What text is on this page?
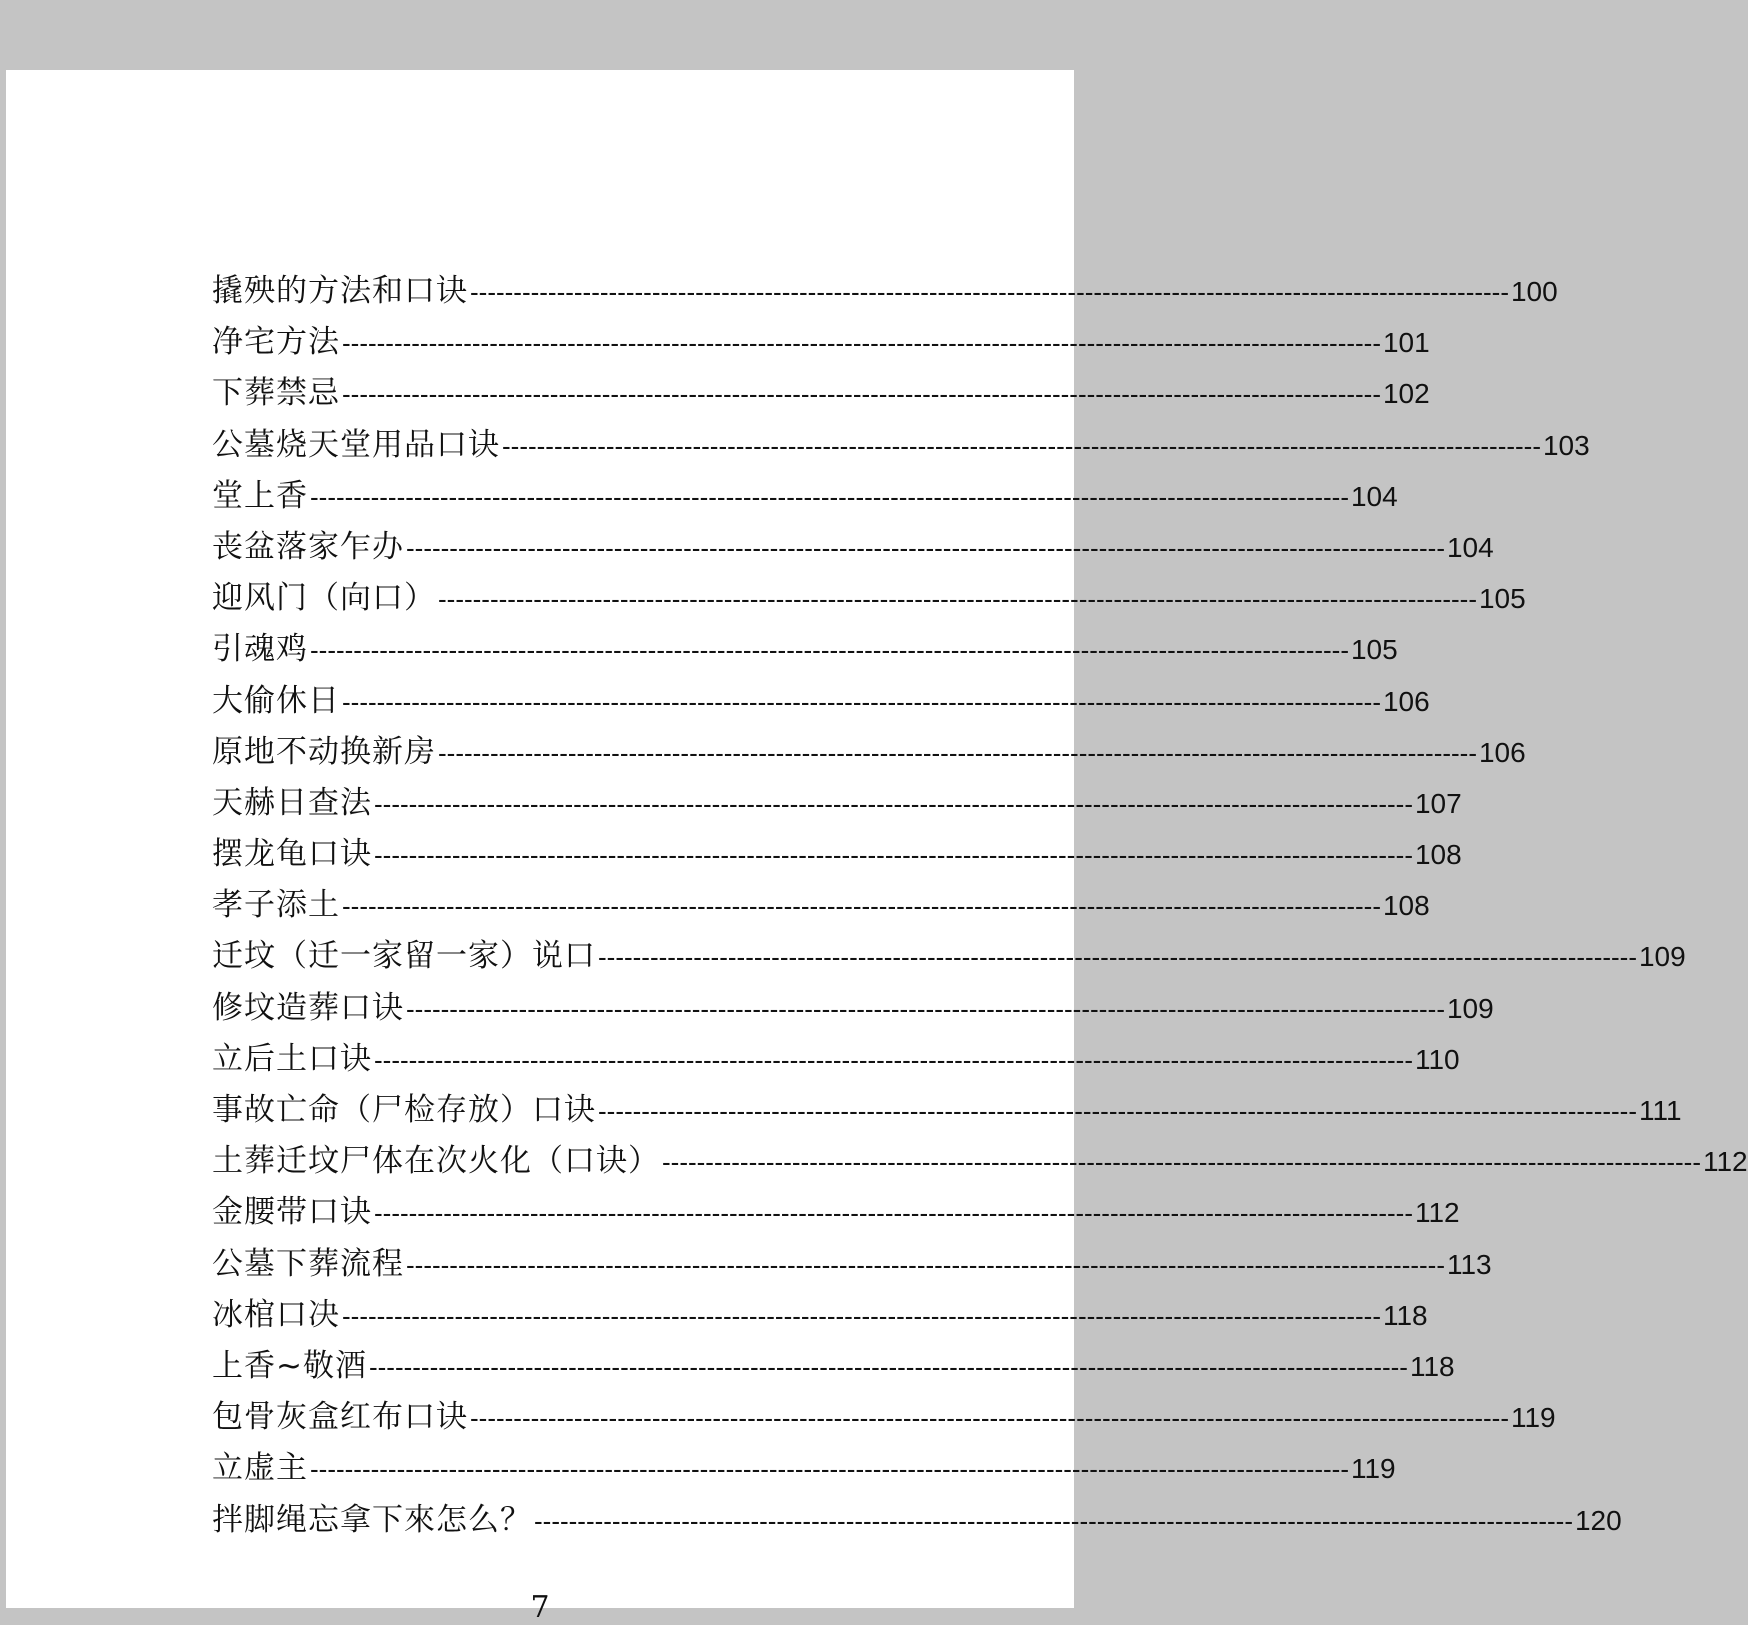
撬殃的方法和口诀 ------------------------------------------------------------------------------------------------------------------------ 100
净宅方法 ------------------------------------------------------------------------------------------------------------------------ 101
下葬禁忌 ------------------------------------------------------------------------------------------------------------------------ 102
公墓烧天堂用品口诀 ------------------------------------------------------------------------------------------------------------------------ 103
堂上香 ------------------------------------------------------------------------------------------------------------------------ 104
丧盆落家乍办 ------------------------------------------------------------------------------------------------------------------------ 104
迎风门（向口） ------------------------------------------------------------------------------------------------------------------------ 105
引魂鸡 ------------------------------------------------------------------------------------------------------------------------ 105
大偷休日 ------------------------------------------------------------------------------------------------------------------------ 106
原地不动换新房 ------------------------------------------------------------------------------------------------------------------------ 106
天赫日查法 ------------------------------------------------------------------------------------------------------------------------ 107
摆龙龟口诀 ------------------------------------------------------------------------------------------------------------------------ 108
孝子添土 ------------------------------------------------------------------------------------------------------------------------ 108
迁坟（迁一家留一家）说口 ------------------------------------------------------------------------------------------------------------------------ 109
修坟造葬口诀 ------------------------------------------------------------------------------------------------------------------------ 109
立后土口诀 ------------------------------------------------------------------------------------------------------------------------ 110
事故亡命（尸检存放）口诀 ------------------------------------------------------------------------------------------------------------------------ 111
土葬迁坟尸体在次火化（口诀） ------------------------------------------------------------------------------------------------------------------------ 112
金腰带口诀 ------------------------------------------------------------------------------------------------------------------------ 112
公墓下葬流程 ------------------------------------------------------------------------------------------------------------------------ 113
冰棺口决 ------------------------------------------------------------------------------------------------------------------------ 118
上香~敬酒 ------------------------------------------------------------------------------------------------------------------------ 118
包骨灰盒红布口诀 ------------------------------------------------------------------------------------------------------------------------ 119
立虚主 ------------------------------------------------------------------------------------------------------------------------ 119
拌脚绳忘拿下來怎么？ ------------------------------------------------------------------------------------------------------------------------ 120
7
